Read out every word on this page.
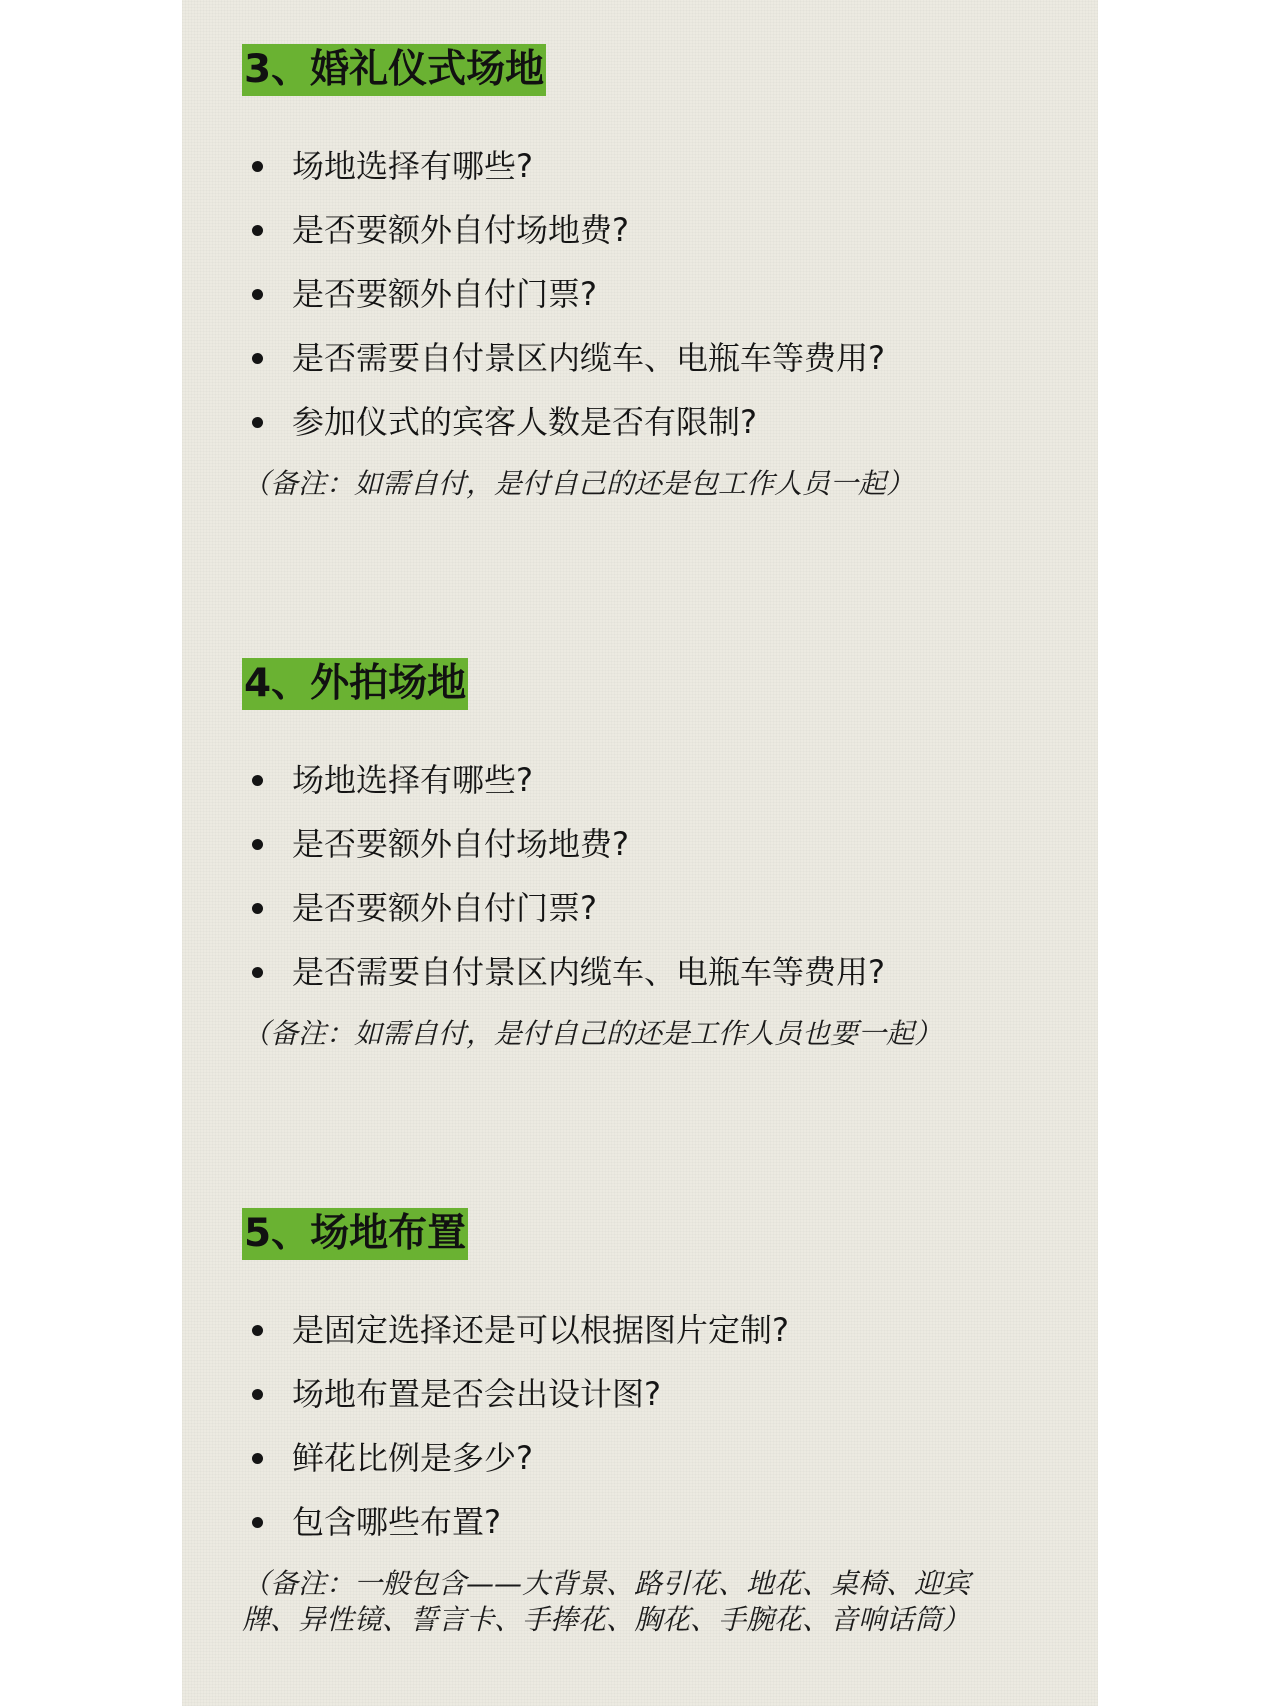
3、婚礼仪式场地
场地选择有哪些?
是否要额外自付场地费?
是否要额外自付门票?
是否需要自付景区内缆车、电瓶车等费用?
参加仪式的宾客人数是否有限制?
（备注：如需自付，是付自己的还是包工作人员一起）
4、外拍场地
场地选择有哪些?
是否要额外自付场地费?
是否要额外自付门票?
是否需要自付景区内缆车、电瓶车等费用?
（备注：如需自付，是付自己的还是工作人员也要一起）
5、场地布置
是固定选择还是可以根据图片定制?
场地布置是否会出设计图?
鲜花比例是多少?
包含哪些布置?
（备注：一般包含——大背景、路引花、地花、桌椅、迎宾牌、异性镜、誓言卡、手捧花、胸花、手腕花、音响话筒）
